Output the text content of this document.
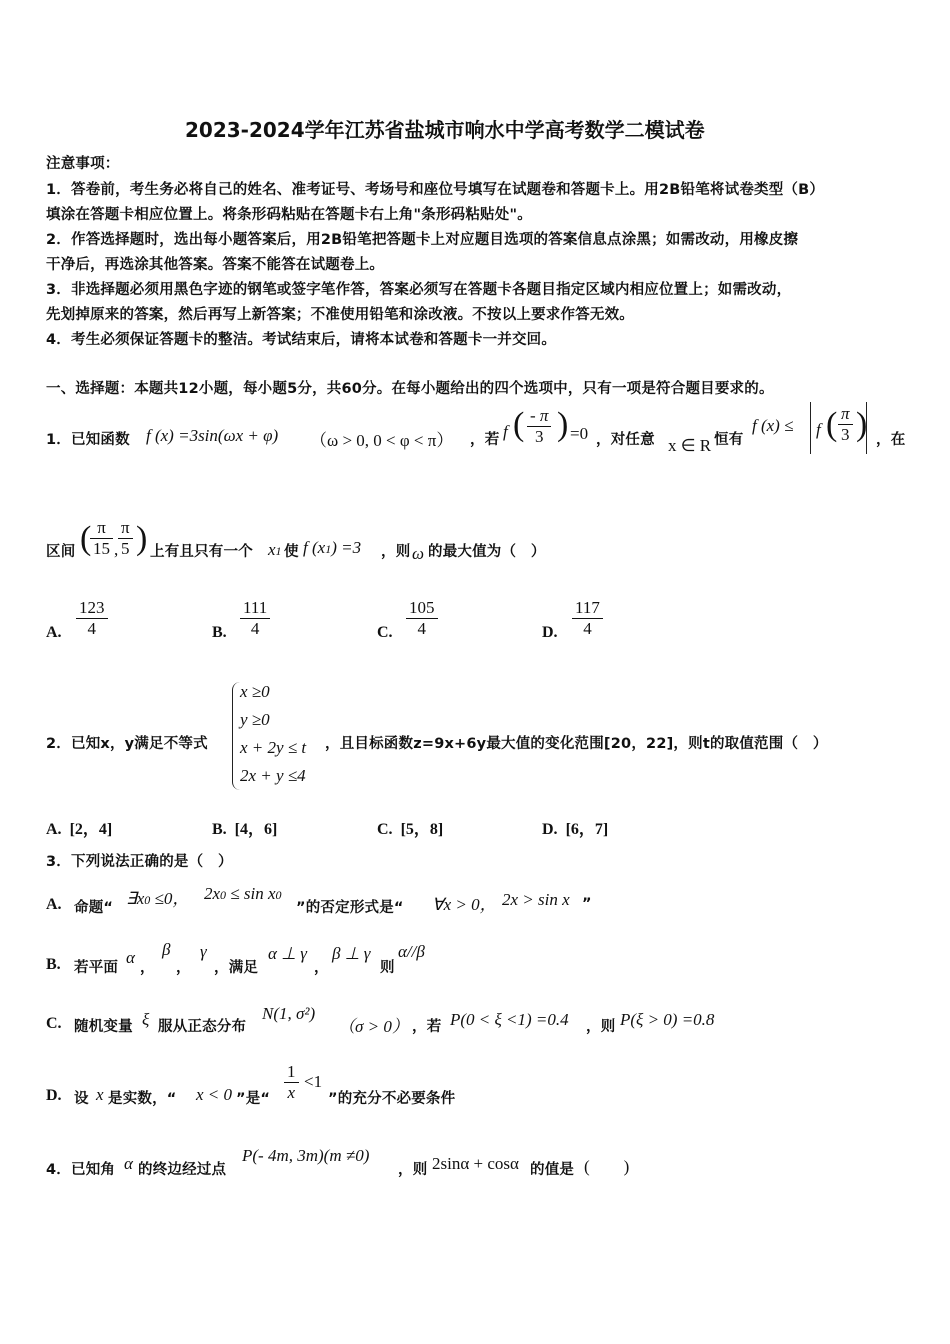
2023-2024学年江苏省盐城市响水中学高考数学二模试卷
注意事项：
1．答卷前，考生务必将自己的姓名、准考证号、考场号和座位号填写在试题卷和答题卡上。用2B铅笔将试卷类型（B）
填涂在答题卡相应位置上。将条形码粘贴在答题卡右上角"条形码粘贴处"。
2．作答选择题时，选出每小题答案后，用2B铅笔把答题卡上对应题目选项的答案信息点涂黑；如需改动，用橡皮擦
干净后，再选涂其他答案。答案不能答在试题卷上。
3．非选择题必须用黑色字迹的钢笔或签字笔作答，答案必须写在答题卡各题目指定区域内相应位置上；如需改动，
先划掉原来的答案，然后再写上新答案；不准使用铅笔和涂改液。不按以上要求作答无效。
4．考生必须保证答题卡的整洁。考试结束后，请将本试卷和答题卡一并交回。
一、选择题：本题共12小题，每小题5分，共60分。在每小题给出的四个选项中，只有一项是符合题目要求的。
1．已知函数 f (x) =3sin(ωx + φ) （ω > 0, 0 < φ < π） ，若 f ( - π
3 ) =0 ，对任意 x ∈ R 恒有
f (x) ≤ f ( π
3 ) ，在
区间 ( π
15 ,
π
5 ) 上有且只有一个 x1 使 f (x1) =3 ，则 ω 的最大值为（　）
A.
123
4	B.
111
4	C.
105
4	D.
117
4
2．已知x，y满足不等式
x ≥0
y ≥0
x + 2y ≤ t
2x + y ≤4
，且目标函数z=9x+6y最大值的变化范围[20，22]，则t的取值范围（　）
A. [2，4]	B. [4，6]	C. [5，8]	D. [6，7]
3．下列说法正确的是（　）
A. 命题“ ∃x0 ≤0， 2x0 ≤ sin x0
”的否定形式是“ ∀x > 0， 2x > sin x ”
B. 若平面
α
，
β
，
γ
，满足
α ⊥ γ
，
β ⊥ γ
则
α//β
C. 随机变量 ξ 服从正态分布
N(1, σ²)
（σ > 0） ，若 P(0 < ξ <1) =0.4 ，则 P(ξ > 0) =0.8
D. 设 x 是实数，“ x < 0 ”是“
1
x
<1
”的充分不必要条件
4．已知角 α 的终边经过点
P(- 4m, 3m)(m ≠0)
，则 2sinα + cosα 的值是 (　　)
